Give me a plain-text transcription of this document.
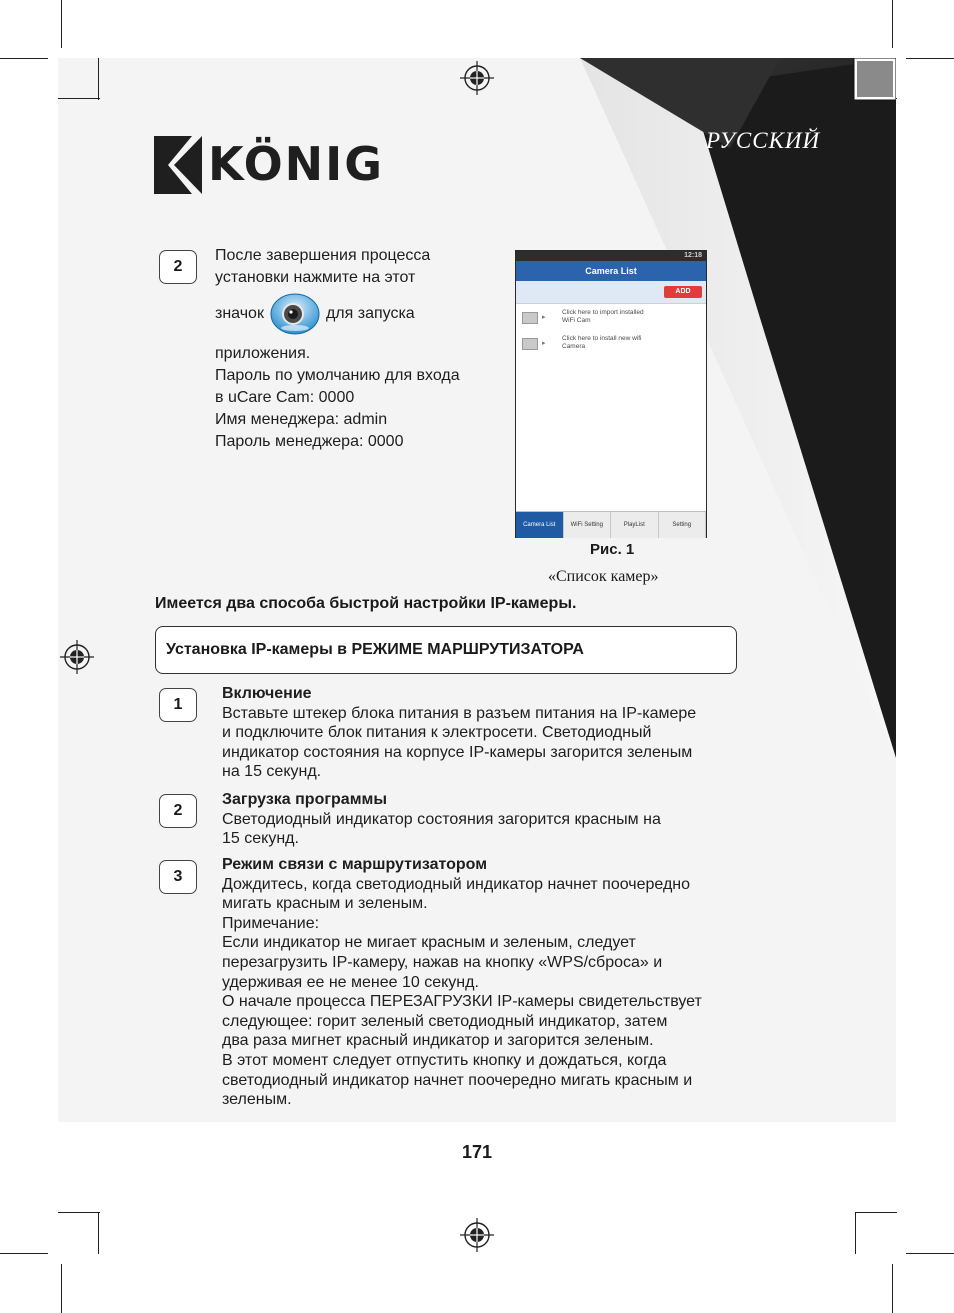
РУССКИЙ
KÖNIG
2
После завершения процесса
установки нажмите на этот
значок	для запуска
приложения.
Пароль по умолчанию для входа
в uCare Cam: 0000
Имя менеджера: admin
Пароль менеджера: 0000
12:18
Camera List
ADD
▸
Click here to import installed
WiFi Cam
▸
Click here to install new wifi
Camera
Camera List	WiFi Setting	PlayList	Setting
Рис. 1
«Список камер»
Имеется два способа быстрой настройки IP-камеры.
Установка IP-камеры в РЕЖИМЕ МАРШРУТИЗАТОРА
1
Включение
Вставьте штекер блока питания в разъем питания на IP-камере
и подключите блок питания к электросети. Светодиодный
индикатор состояния на корпусе IP-камеры загорится зеленым
на 15 секунд.
2
Загрузка программы
Светодиодный индикатор состояния загорится красным на
15 секунд.
3
Режим связи с маршрутизатором
Дождитесь, когда светодиодный индикатор начнет поочередно
мигать красным и зеленым.
Примечание:
Если индикатор не мигает красным и зеленым, следует
перезагрузить IP-камеру, нажав на кнопку «WPS/сброса» и
удерживая ее не менее 10 секунд.
О начале процесса ПЕРЕЗАГРУЗКИ IP-камеры свидетельствует
следующее: горит зеленый светодиодный индикатор, затем
два раза мигнет красный индикатор и загорится зеленым.
В этот момент следует отпустить кнопку и дождаться, когда
светодиодный индикатор начнет поочередно мигать красным и
зеленым.
171
